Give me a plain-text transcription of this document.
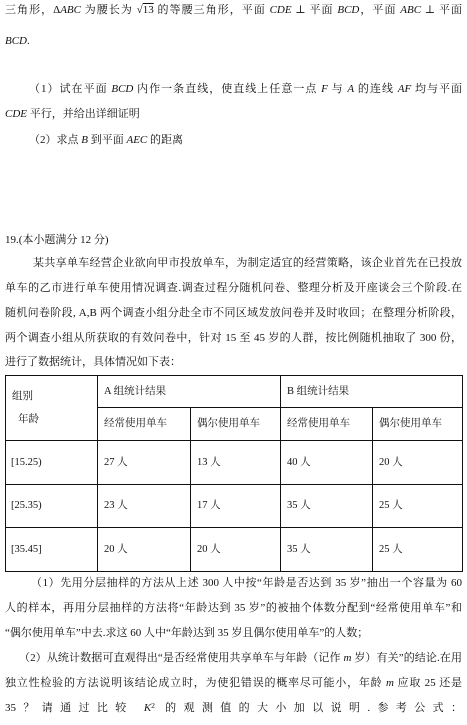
三角形，ΔABC 为腰长为 √13 的等腰三角形，平面 CDE ⊥ 平面 BCD，平面 ABC ⊥ 平面
BCD.
（1）试在平面 BCD 内作一条直线，使直线上任意一点 F 与 A 的连线 AF 均与平面
CDE 平行，并给出详细证明
（2）求点 B 到平面 AEC 的距离
19.(本小题满分 12 分)
某共享单车经营企业欲向甲市投放单车，为制定适宜的经营策略，该企业首先在已投放
单车的乙市进行单车使用情况调查.调查过程分随机问卷、整理分析及开座谈会三个阶段.在
随机问卷阶段, A,B 两个调查小组分赴全市不同区域发放问卷并及时收回；在整理分析阶段，
两个调查小组从所获取的有效问卷中，针对 15 至 45 岁的人群，按比例随机抽取了 300 份，
进行了数据统计，具体情况如下表：
组别
年龄	A 组统计结果		B 组统计结果	
	经常使用单车	偶尔使用单车	经常使用单车	偶尔使用单车
[15.25)	27 人	13 人	40 人	20 人
[25.35)	23 人	17 人	35 人	25 人
[35.45]	20 人	20 人	35 人	25 人
（1）先用分层抽样的方法从上述 300 人中按“年龄是否达到 35 岁”抽出一个容量为 60
人的样本，再用分层抽样的方法将“年龄达到 35 岁”的被抽个体数分配到“经常使用单车”和
“偶尔使用单车”中去.求这 60 人中“年龄达到 35 岁且偶尔使用单车”的人数；
（2）从统计数据可直观得出“是否经常使用共享单车与年龄（记作 m 岁）有关”的结论.在用
独立性检验的方法说明该结论成立时，为使犯错误的概率尽可能小，年龄 m 应取 25 还是
35？请通过比较 $K^2$ 的观测值的大小加以说明.参考公式：
